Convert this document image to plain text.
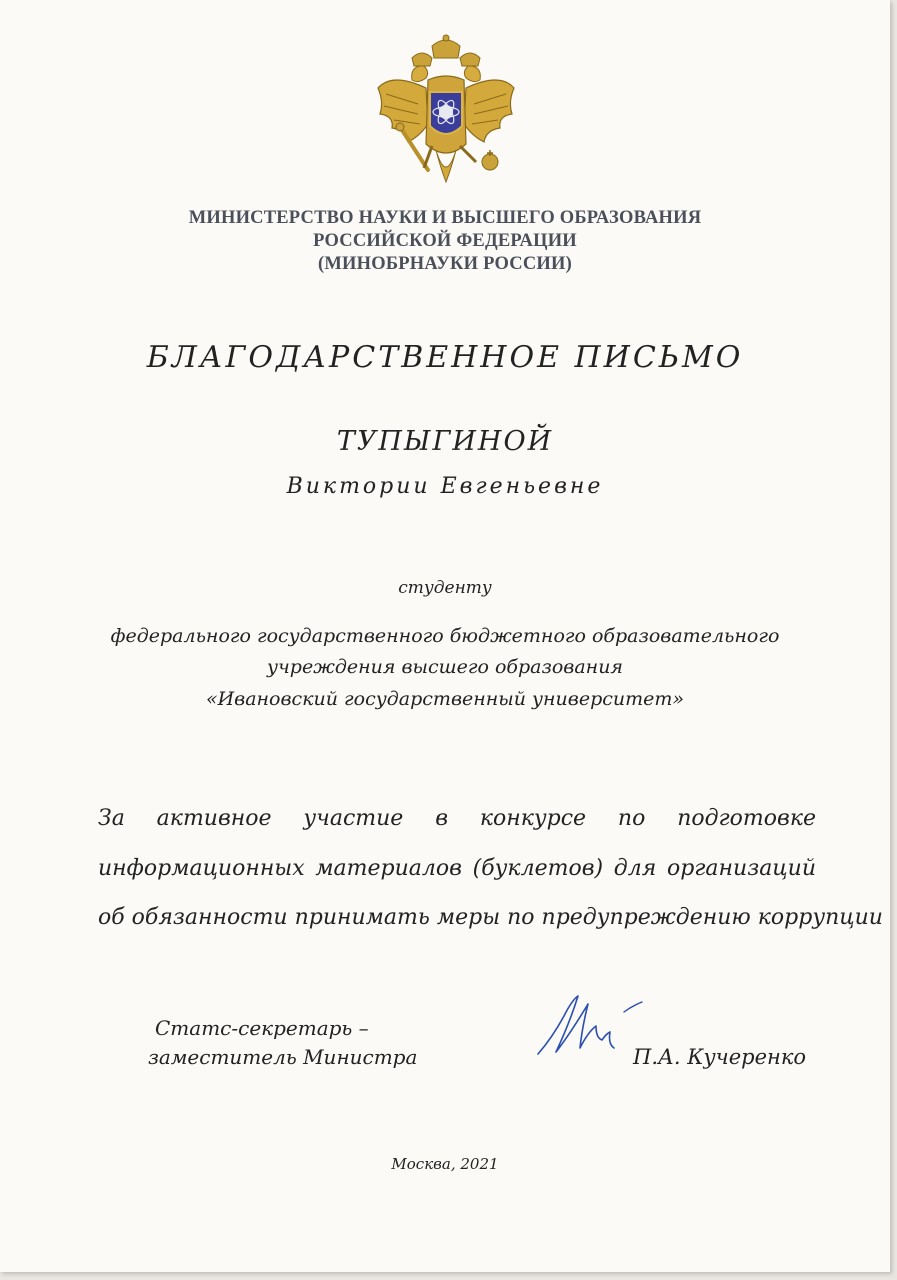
МИНИСТЕРСТВО НАУКИ И ВЫСШЕГО ОБРАЗОВАНИЯ
РОССИЙСКОЙ ФЕДЕРАЦИИ
(МИНОБРНАУКИ РОССИИ)
БЛАГОДАРСТВЕННОЕ ПИСЬМО
ТУПЫГИНОЙ
Виктории Евгеньевне
студенту
федерального государственного бюджетного образовательного
учреждения высшего образования
«Ивановский государственный университет»
За активное участие в конкурсе по подготовке
информационных материалов (буклетов) для организаций
об обязанности принимать меры по предупреждению коррупции
Статс-секретарь –
заместитель Министра	П.А. Кучеренко
Москва, 2021
